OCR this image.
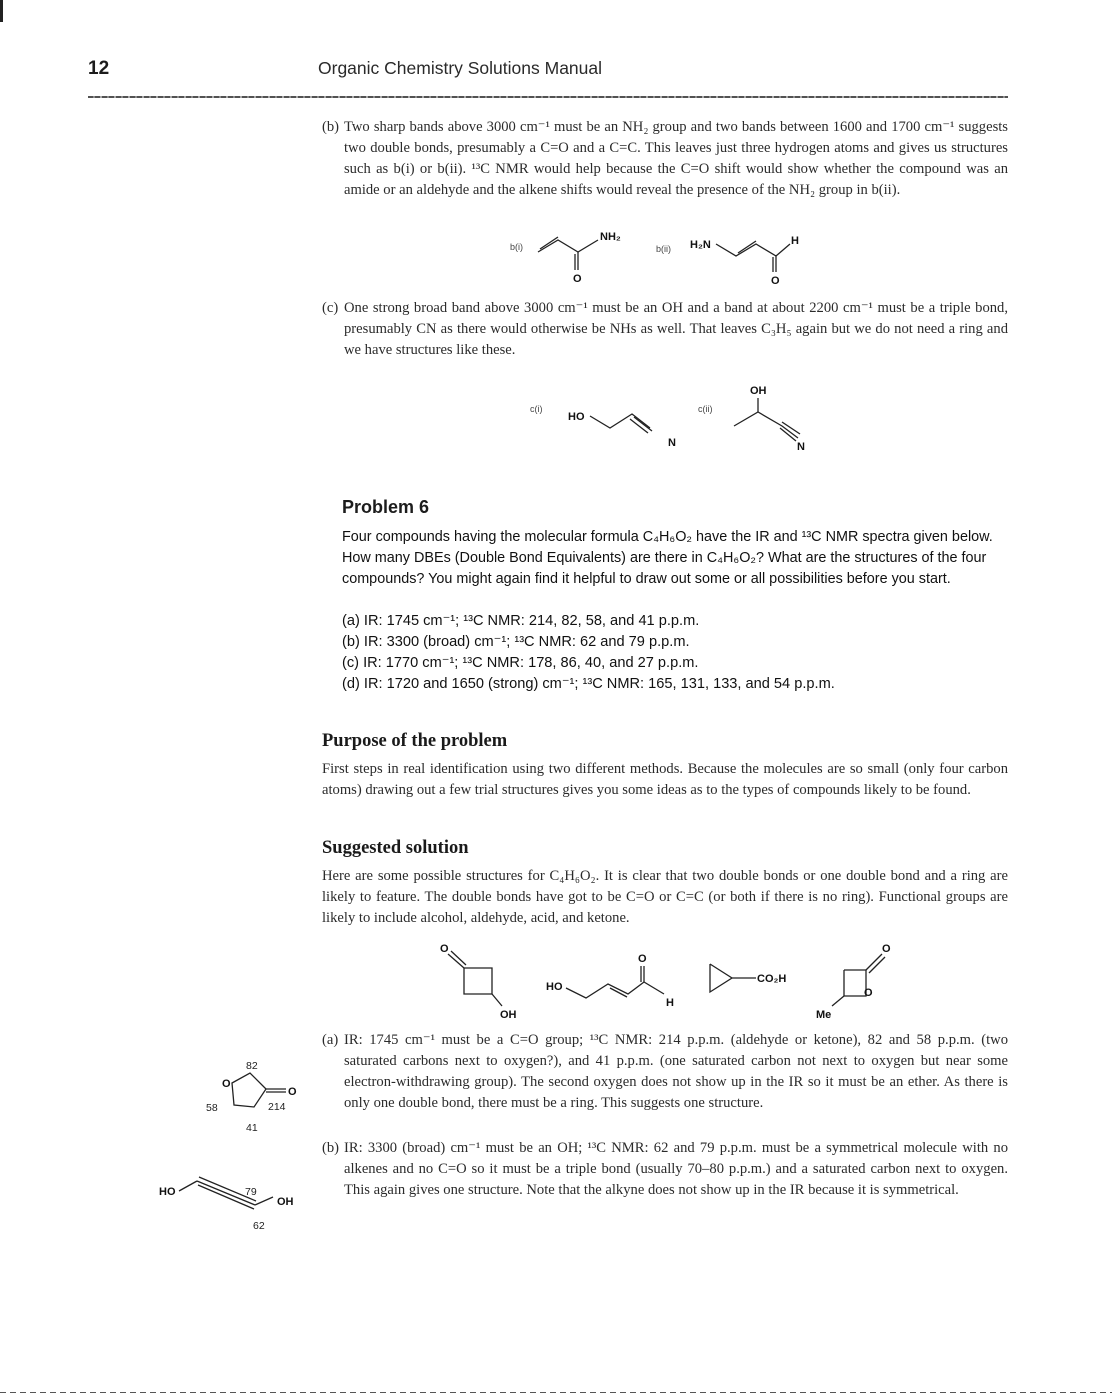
12	Organic Chemistry Solutions Manual
(b) Two sharp bands above 3000 cm⁻¹ must be an NH₂ group and two bands between 1600 and 1700 cm⁻¹ suggests two double bonds, presumably a C=O and a C=C. This leaves just three hydrogen atoms and gives us structures such as b(i) or b(ii). ¹³C NMR would help because the C=O shift would show whether the compound was an amide or an aldehyde and the alkene shifts would reveal the presence of the NH₂ group in b(ii).
b(i)
NH₂
O
b(ii) H₂N	H
O
(c) One strong broad band above 3000 cm⁻¹ must be an OH and a band at about 2200 cm⁻¹ must be a triple bond, presumably CN as there would otherwise be NHs as well. That leaves C₃H₅ again but we do not need a ring and we have structures like these.
c(i)
HO
N
c(ii)
OH
N
Problem 6
Four compounds having the molecular formula C₄H₆O₂ have the IR and ¹³C NMR spectra given below. How many DBEs (Double Bond Equivalents) are there in C₄H₆O₂? What are the structures of the four compounds? You might again find it helpful to draw out some or all possibilities before you start.
(a) IR: 1745 cm⁻¹; ¹³C NMR: 214, 82, 58, and 41 p.p.m.
(b) IR: 3300 (broad) cm⁻¹; ¹³C NMR: 62 and 79 p.p.m.
(c) IR: 1770 cm⁻¹; ¹³C NMR: 178, 86, 40, and 27 p.p.m.
(d) IR: 1720 and 1650 (strong) cm⁻¹; ¹³C NMR: 165, 131, 133, and 54 p.p.m.
Purpose of the problem
First steps in real identification using two different methods. Because the molecules are so small (only four carbon atoms) drawing out a few trial structures gives you some ideas as to the types of compounds likely to be found.
Suggested solution
Here are some possible structures for C₄H₆O₂. It is clear that two double bonds or one double bond and a ring are likely to feature. The double bonds have got to be C=O or C=C (or both if there is no ring). Functional groups are likely to include alcohol, aldehyde, acid, and ketone.
O
OH
HO
O
H
CO₂H
O
O
Me
(a) IR: 1745 cm⁻¹ must be a C=O group; ¹³C NMR: 214 p.p.m. (aldehyde or ketone), 82 and 58 p.p.m. (two saturated carbons next to oxygen?), and 41 p.p.m. (one saturated carbon not next to oxygen but near some electron-withdrawing group). The second oxygen does not show up in the IR so it must be an ether. As there is only one double bond, there must be a ring. This suggests one structure.
(b) IR: 3300 (broad) cm⁻¹ must be an OH; ¹³C NMR: 62 and 79 p.p.m. must be a symmetrical molecule with no alkenes and no C=O so it must be a triple bond (usually 70–80 p.p.m.) and a saturated carbon next to oxygen. This again gives one structure. Note that the alkyne does not show up in the IR because it is symmetrical.
82
O
O
214
58
41
HO
OH
79
62
